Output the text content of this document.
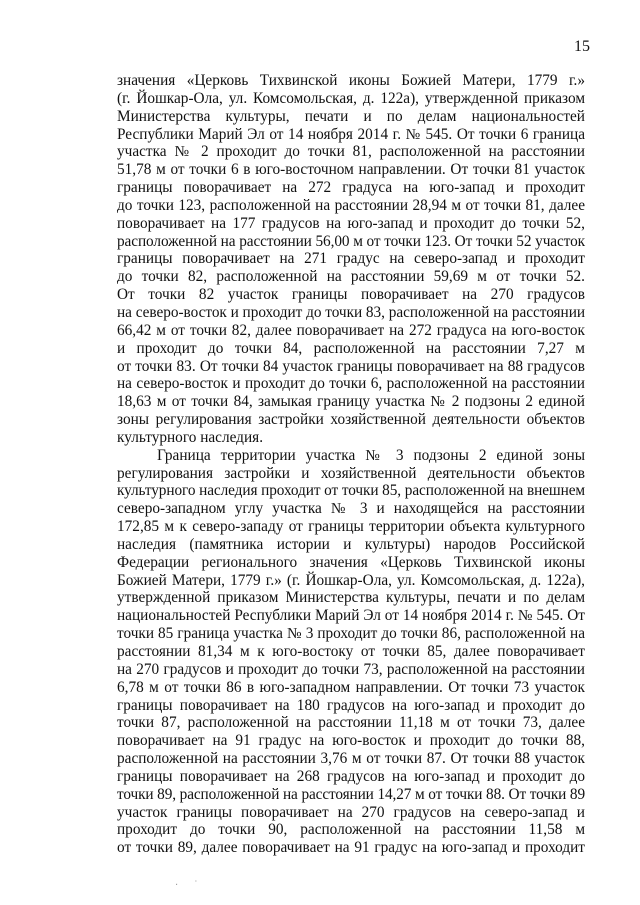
15

значения «Церковь Тихвинской иконы Божией Матери, 1779 г.»
(г. Йошкар-Ола, ул. Комсомольская, д. 122а), утвержденной приказом
Министерства культуры, печати и по делам национальностей
Республики Марий Эл от 14 ноября 2014 г. № 545. От точки 6 граница
участка № 2 проходит до точки 81, расположенной на расстоянии
51,78 м от точки 6 в юго-восточном направлении. От точки 81 участок
границы поворачивает на 272 градуса на юго-запад и проходит
до точки 123, расположенной на расстоянии 28,94 м от точки 81, далее
поворачивает на 177 градусов на юго-запад и проходит до точки 52,
расположенной на расстоянии 56,00 м от точки 123. От точки 52 участок
границы поворачивает на 271 градус на северо-запад и проходит
до точки 82, расположенной на расстоянии 59,69 м от точки 52.
От точки 82 участок границы поворачивает на 270 градусов
на северо-восток и проходит до точки 83, расположенной на расстоянии
66,42 м от точки 82, далее поворачивает на 272 градуса на юго-восток
и проходит до точки 84, расположенной на расстоянии 7,27 м
от точки 83. От точки 84 участок границы поворачивает на 88 градусов
на северо-восток и проходит до точки 6, расположенной на расстоянии
18,63 м от точки 84, замыкая границу участка № 2 подзоны 2 единой
зоны регулирования застройки хозяйственной деятельности объектов
культурного наследия.

Граница территории участка № 3 подзоны 2 единой зоны
регулирования застройки и хозяйственной деятельности объектов
культурного наследия проходит от точки 85, расположенной на внешнем
северо-западном углу участка № 3 и находящейся на расстоянии
172,85 м к северо-западу от границы территории объекта культурного
наследия (памятника истории и культуры) народов Российской
Федерации регионального значения «Церковь Тихвинской иконы
Божией Матери, 1779 г.» (г. Йошкар-Ола, ул. Комсомольская, д. 122а),
утвержденной приказом Министерства культуры, печати и по делам
национальностей Республики Марий Эл от 14 ноября 2014 г. № 545. От
точки 85 граница участка № 3 проходит до точки 86, расположенной на
расстоянии 81,34 м к юго-востоку от точки 85, далее поворачивает
на 270 градусов и проходит до точки 73, расположенной на расстоянии
6,78 м от точки 86 в юго-западном направлении. От точки 73 участок
границы поворачивает на 180 градусов на юго-запад и проходит до
точки 87, расположенной на расстоянии 11,18 м от точки 73, далее
поворачивает на 91 градус на юго-восток и проходит до точки 88,
расположенной на расстоянии 3,76 м от точки 87. От точки 88 участок
границы поворачивает на 268 градусов на юго-запад и проходит до
точки 89, расположенной на расстоянии 14,27 м от точки 88. От точки 89
участок границы поворачивает на 270 градусов на северо-запад и
проходит до точки 90, расположенной на расстоянии 11,58 м
от точки 89, далее поворачивает на 91 градус на юго-запад и проходит

· ˙
